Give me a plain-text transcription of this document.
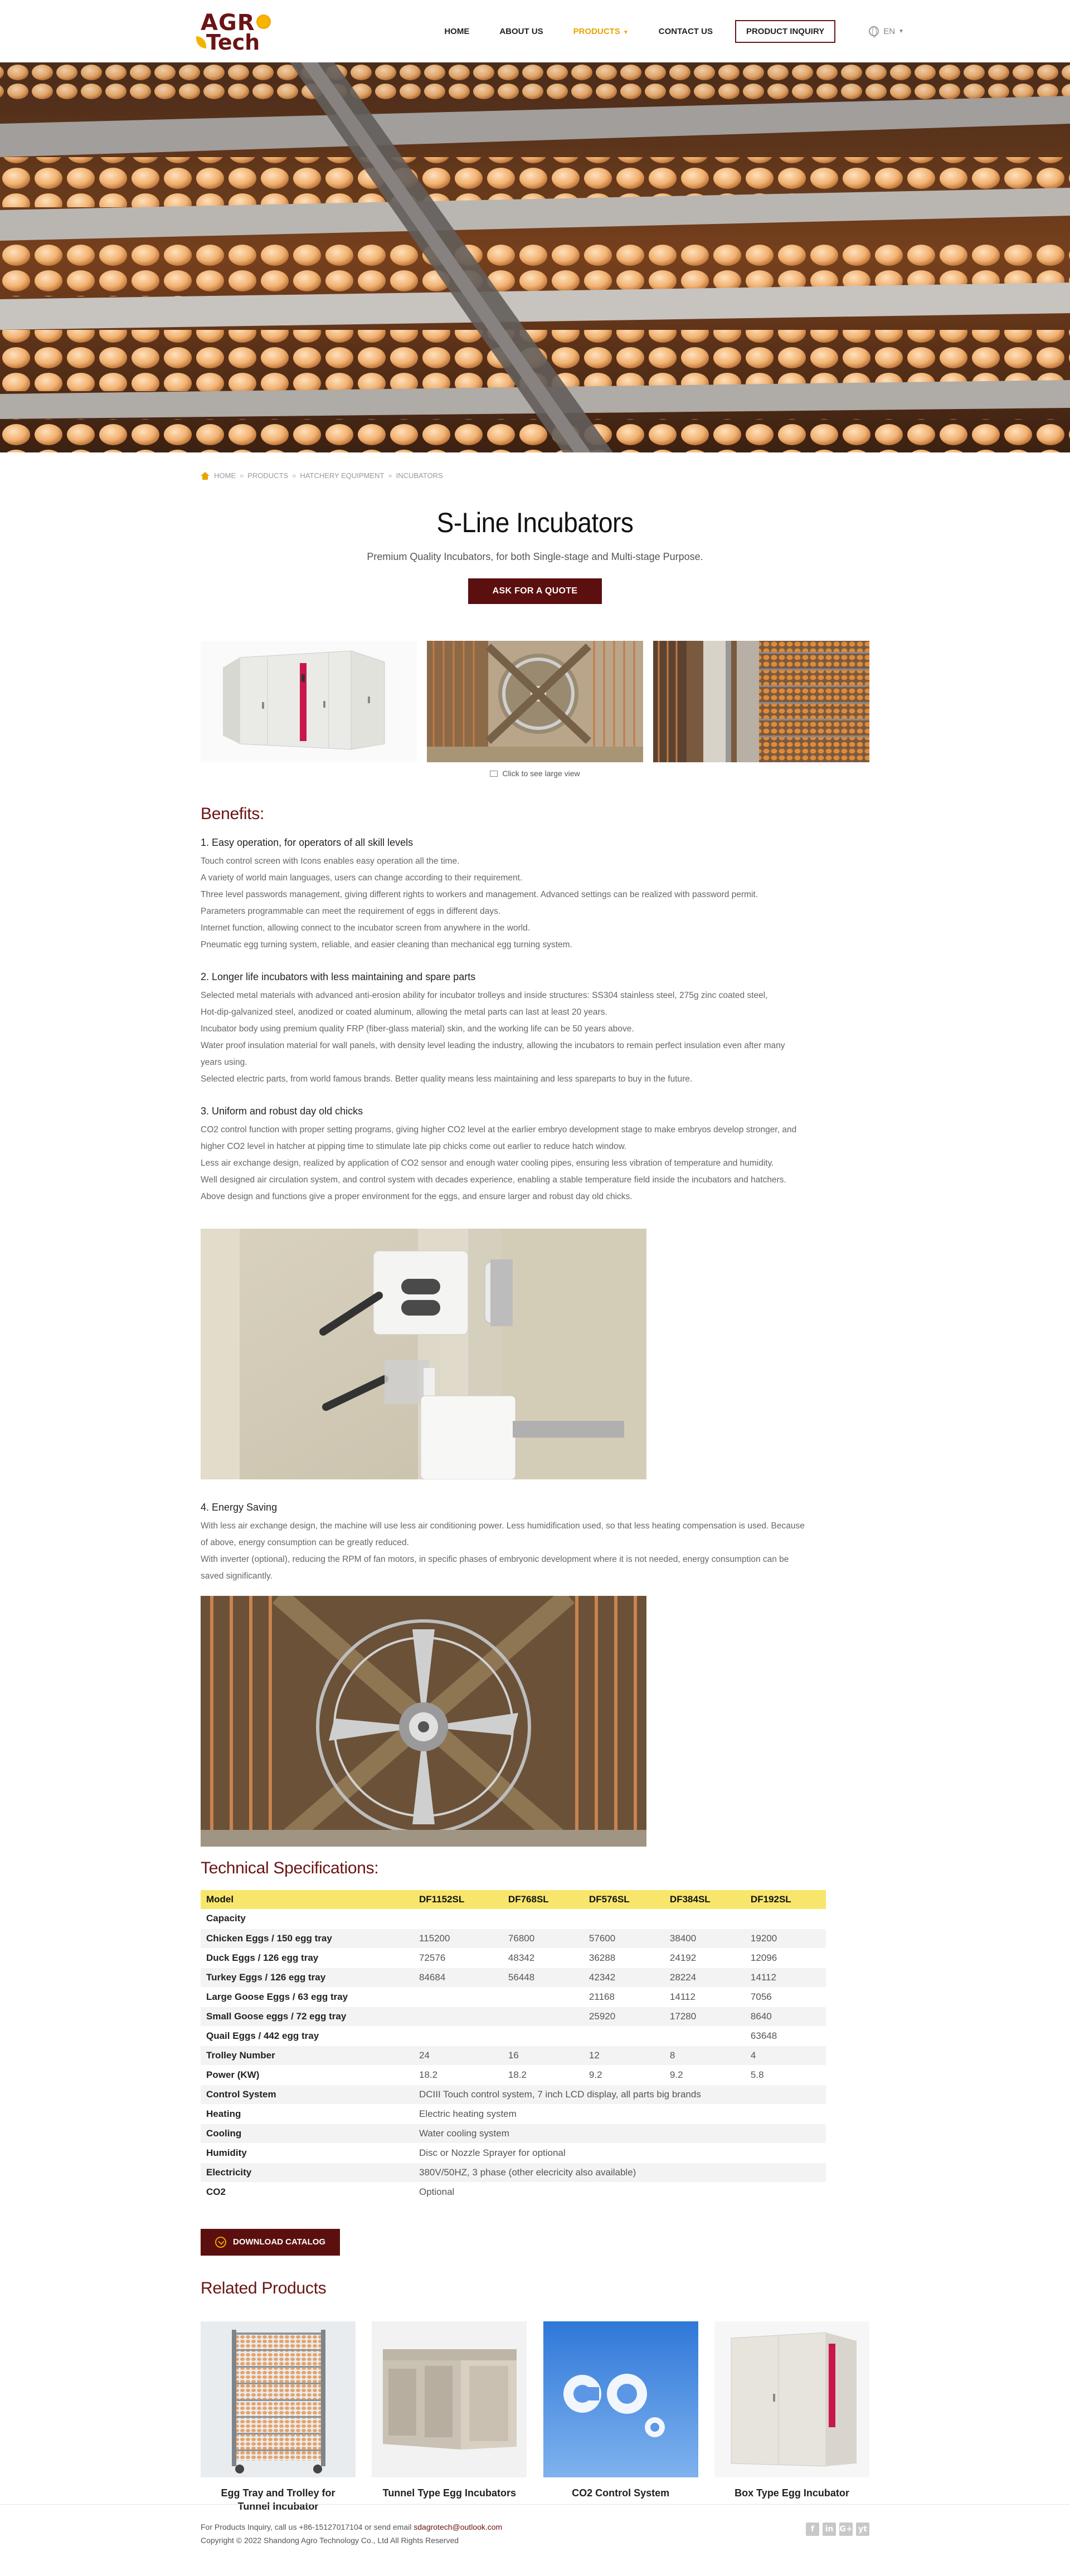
AGR
Tech	HOME	ABOUT US	PRODUCTS ▼	CONTACT US	PRODUCT INQUIRY	EN ▼
HOME » PRODUCTS » HATCHERY EQUIPMENT » INCUBATORS
S-Line Incubators
Premium Quality Incubators, for both Single-stage and Multi-stage Purpose.
ASK FOR A QUOTE
Click to see large view
Benefits:
1. Easy operation, for operators of all skill levels

Touch control screen with Icons enables easy operation all the time.

A variety of world main languages, users can change according to their requirement.

Three level passwords management, giving different rights to workers and management. Advanced settings can be realized with password permit.

Parameters programmable can meet the requirement of eggs in different days.

Internet function, allowing connect to the incubator screen from anywhere in the world.

Pneumatic egg turning system, reliable, and easier cleaning than mechanical egg turning system.

2. Longer life incubators with less maintaining and spare parts

Selected metal materials with advanced anti-erosion ability for incubator trolleys and inside structures: SS304 stainless steel, 275g zinc coated steel,

Hot-dip-galvanized steel, anodized or coated aluminum, allowing the metal parts can last at least 20 years.

Incubator body using premium quality FRP (fiber-glass material) skin, and the working life can be 50 years above.

Water proof insulation material for wall panels, with density level leading the industry, allowing the incubators to remain perfect insulation even after many

years using.

Selected electric parts, from world famous brands. Better quality means less maintaining and less spareparts to buy in the future.

3. Uniform and robust day old chicks

CO2 control function with proper setting programs, giving higher CO2 level at the earlier embryo development stage to make embryos develop stronger, and

higher CO2 level in hatcher at pipping time to stimulate late pip chicks come out earlier to reduce hatch window.

Less air exchange design, realized by application of CO2 sensor and enough water cooling pipes, ensuring less vibration of temperature and humidity.

Well designed air circulation system, and control system with decades experience, enabling a stable temperature field inside the incubators and hatchers.

Above design and functions give a proper environment for the eggs, and ensure larger and robust day old chicks.

4. Energy Saving

With less air exchange design, the machine will use less air conditioning power. Less humidification used, so that less heating compensation is used. Because

of above, energy consumption can be greatly reduced.

With inverter (optional), reducing the RPM of fan motors, in specific phases of embryonic development where it is not needed, energy consumption can be

saved significantly.

Technical Specifications:
Model	DF1152SL	DF768SL	DF576SL	DF384SL	DF192SL
Capacity					
Chicken Eggs / 150 egg tray	115200	76800	57600	38400	19200
Duck Eggs / 126 egg tray	72576	48342	36288	24192	12096
Turkey Eggs / 126 egg tray	84684	56448	42342	28224	14112
Large Goose Eggs / 63 egg tray			21168	14112	7056
Small Goose eggs / 72 egg tray			25920	17280	8640
Quail Eggs / 442 egg tray					63648
Trolley Number	24	16	12	8	4
Power (KW)	18.2	18.2	9.2	9.2	5.8
Control System	DCIII Touch control system, 7 inch LCD display, all parts big brands				
Heating	Electric heating system				
Cooling	Water cooling system				
Humidity	Disc or Nozzle Sprayer for optional				
Electricity	380V/50HZ, 3 phase (other elecricity also available)				
CO2	Optional				
DOWNLOAD CATALOG
Related Products
Egg Tray and Trolley for Tunnel Incubator
Tunnel Type Egg Incubators	CO2 Control System	Box Type Egg Incubator
For Products Inquiry, call us +86-15127017104 or send email sdagrotech@outlook.com
Copyright © 2022 Shandong Agro Technology Co., Ltd All Rights Reserved
f	in G+ yt
